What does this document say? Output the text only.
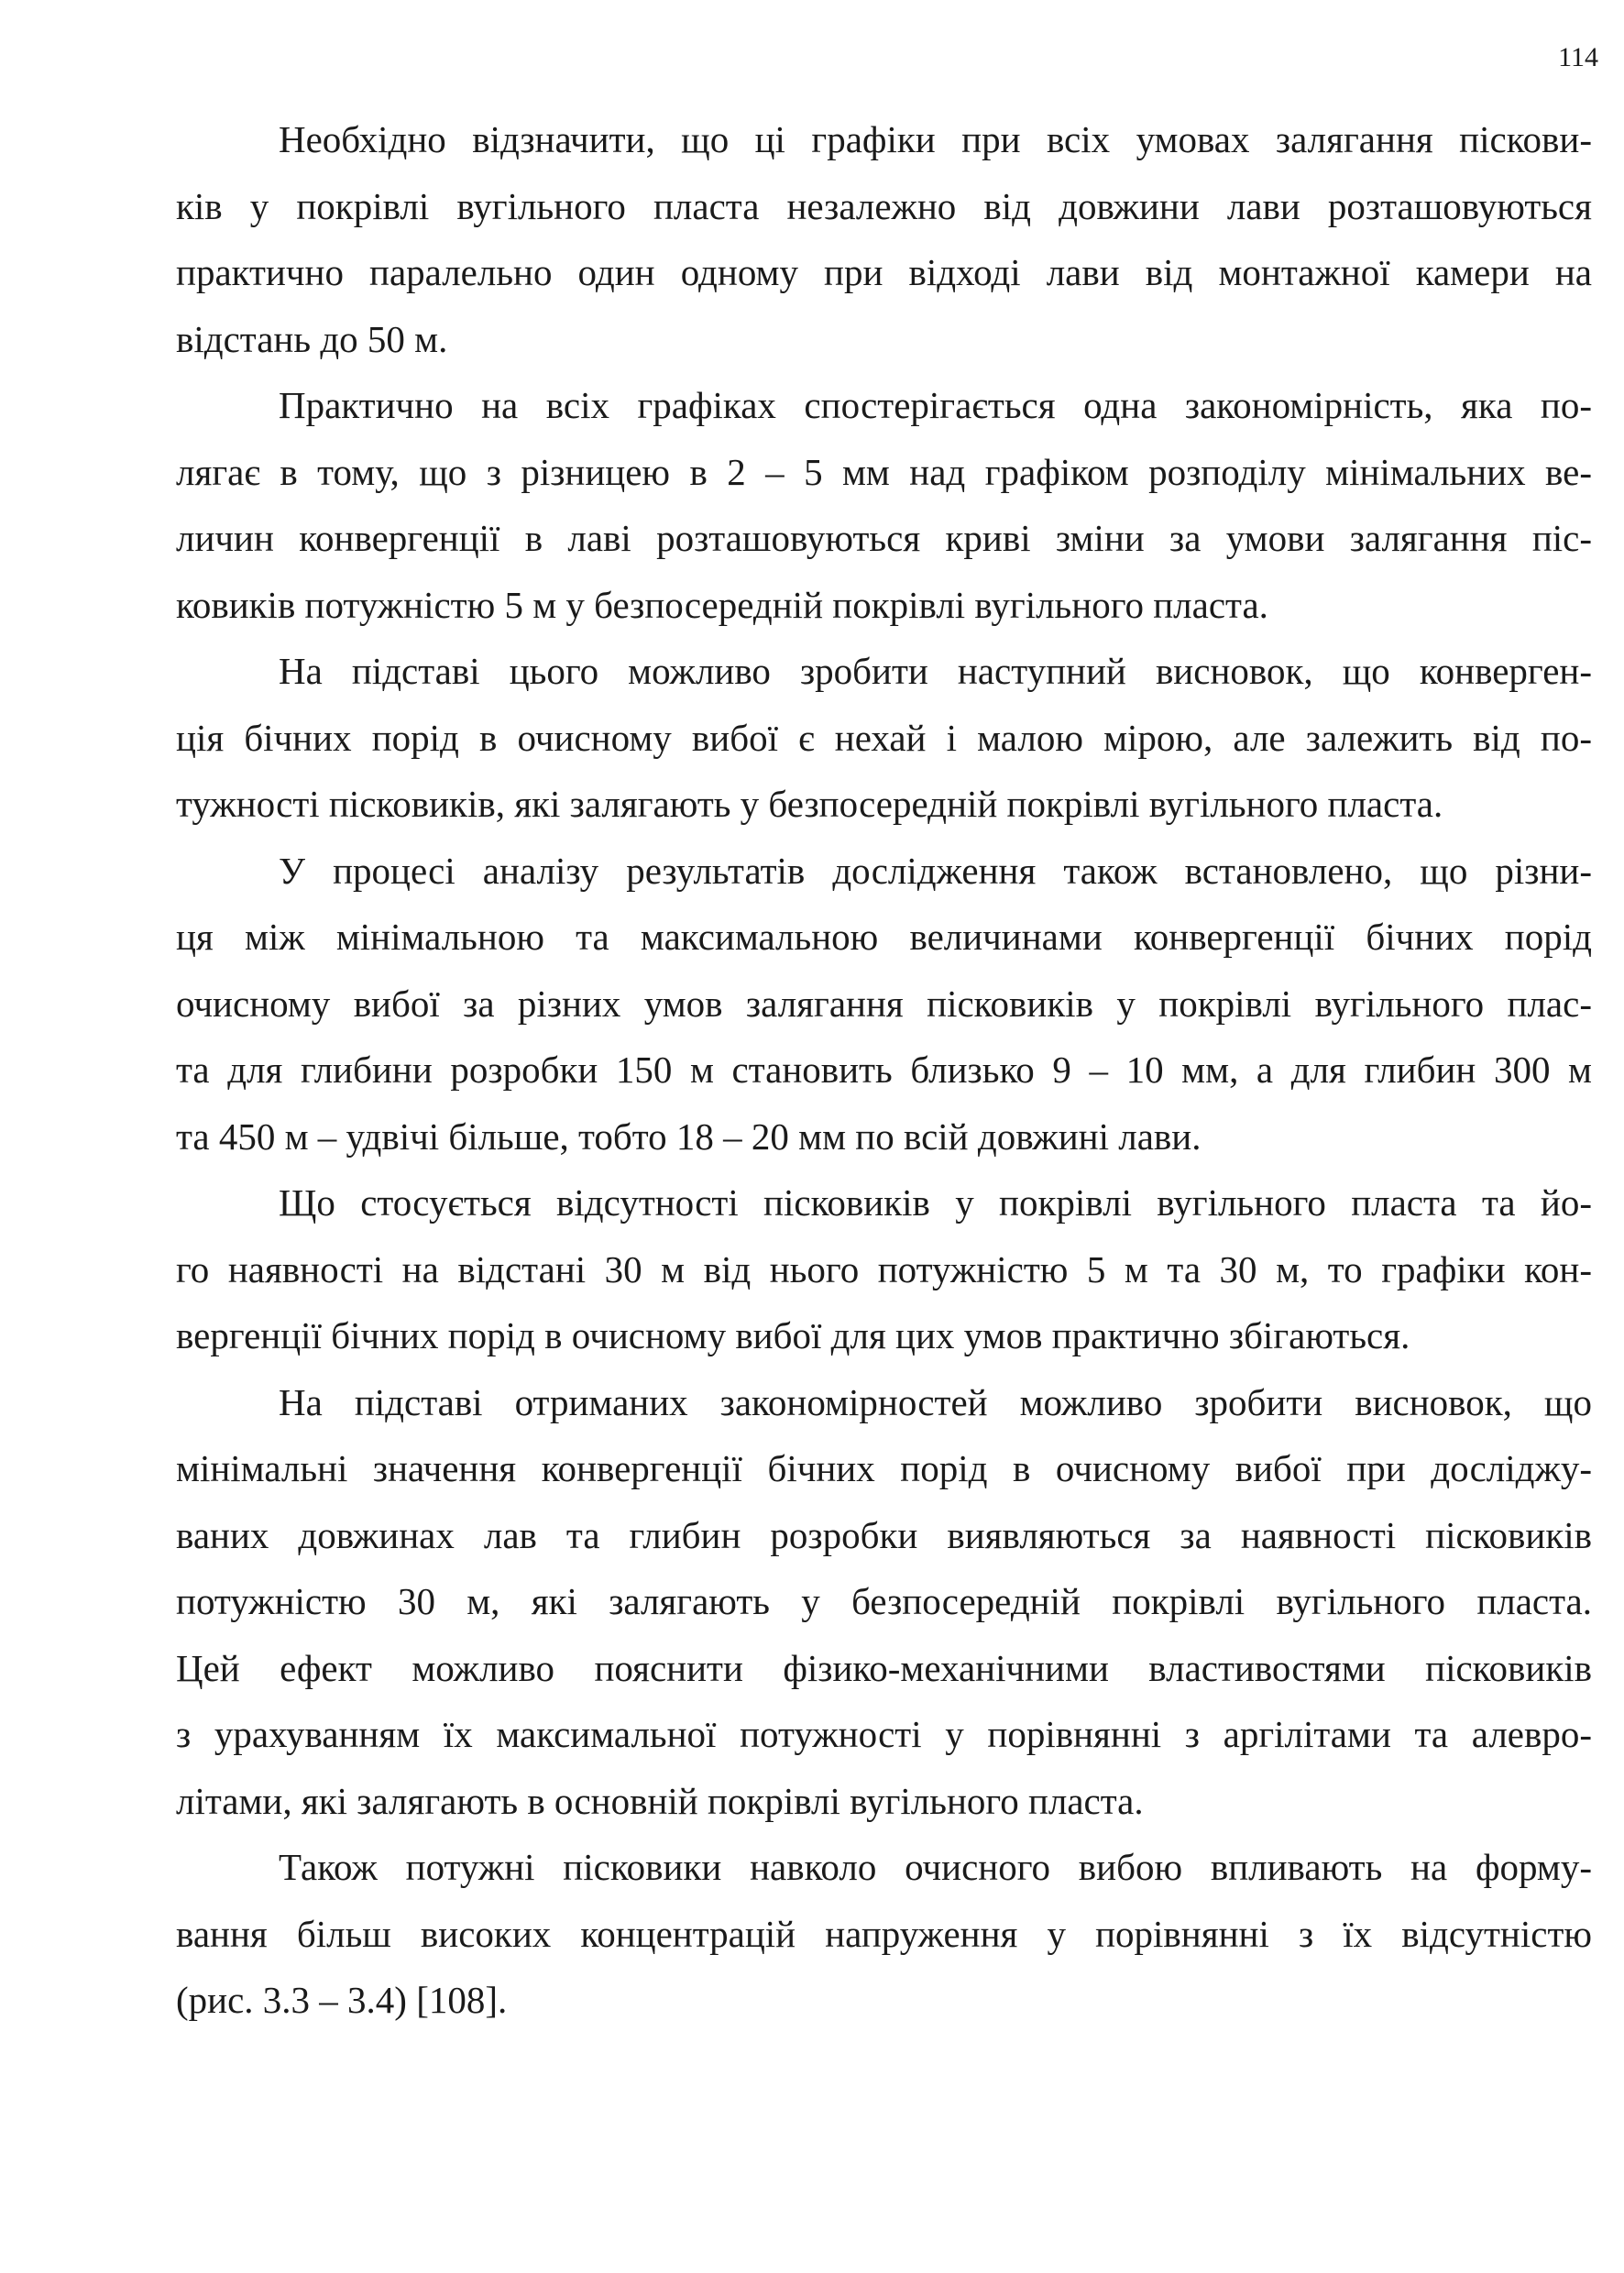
114

Необхідно відзначити, що ці графіки при всіх умовах залягання піскови-
ків у покрівлі вугільного пласта незалежно від довжини лави розташовуються
практично паралельно один одному при відході лави від монтажної камери на
відстань до 50 м.

Практично на всіх графіках спостерігається одна закономірність, яка по-
лягає в тому, що з різницею в 2 – 5 мм над графіком розподілу мінімальних ве-
личин конвергенції в лаві розташовуються криві зміни за умови залягання піс-
ковиків потужністю 5 м у безпосередній покрівлі вугільного пласта.

На підставі цього можливо зробити наступний висновок, що конверген-
ція бічних порід в очисному вибої є нехай і малою мірою, але залежить від по-
тужності пісковиків, які залягають у безпосередній покрівлі вугільного пласта.

У процесі аналізу результатів дослідження також встановлено, що різни-
ця між мінімальною та максимальною величинами конвергенції бічних порід
очисному вибої за різних умов залягання пісковиків у покрівлі вугільного плас-
та для глибини розробки 150 м становить близько 9 – 10 мм, а для глибин 300 м
та 450 м – удвічі більше, тобто 18 – 20 мм по всій довжині лави.

Що стосується відсутності пісковиків у покрівлі вугільного пласта та йо-
го наявності на відстані 30 м від нього потужністю 5 м та 30 м, то графіки кон-
вергенції бічних порід в очисному вибої для цих умов практично збігаються.

На підставі отриманих закономірностей можливо зробити висновок, що
мінімальні значення конвергенції бічних порід в очисному вибої при досліджу-
ваних довжинах лав та глибин розробки виявляються за наявності пісковиків
потужністю 30 м, які залягають у безпосередній покрівлі вугільного пласта.
Цей ефект можливо пояснити фізико-механічними властивостями пісковиків
з урахуванням їх максимальної потужності у порівнянні з аргілітами та алевро-
літами, які залягають в основній покрівлі вугільного пласта.

Також потужні пісковики навколо очисного вибою впливають на форму-
вання більш високих концентрацій напруження у порівнянні з їх відсутністю
(рис. 3.3 – 3.4) [108].
